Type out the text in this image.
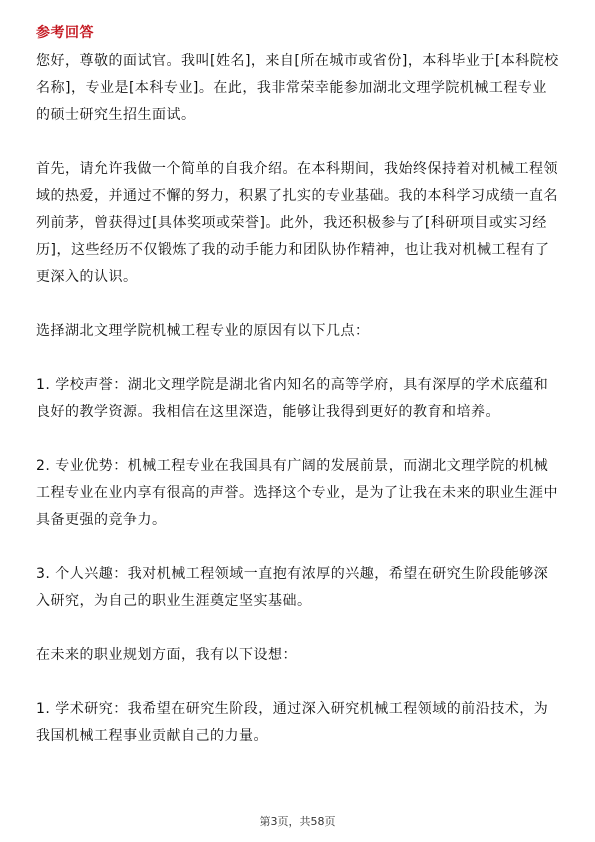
参考回答

您好，尊敬的面试官。我叫[姓名]，来自[所在城市或省份]，本科毕业于[本科院校名称]，专业是[本科专业]。在此，我非常荣幸能参加湖北文理学院机械工程专业的硕士研究生招生面试。

首先，请允许我做一个简单的自我介绍。在本科期间，我始终保持着对机械工程领域的热爱，并通过不懈的努力，积累了扎实的专业基础。我的本科学习成绩一直名列前茅，曾获得过[具体奖项或荣誉]。此外，我还积极参与了[科研项目或实习经历]，这些经历不仅锻炼了我的动手能力和团队协作精神，也让我对机械工程有了更深入的认识。

选择湖北文理学院机械工程专业的原因有以下几点：

1. 学校声誉：湖北文理学院是湖北省内知名的高等学府，具有深厚的学术底蕴和良好的教学资源。我相信在这里深造，能够让我得到更好的教育和培养。

2. 专业优势：机械工程专业在我国具有广阔的发展前景，而湖北文理学院的机械工程专业在业内享有很高的声誉。选择这个专业，是为了让我在未来的职业生涯中具备更强的竞争力。

3. 个人兴趣：我对机械工程领域一直抱有浓厚的兴趣，希望在研究生阶段能够深入研究，为自己的职业生涯奠定坚实基础。

在未来的职业规划方面，我有以下设想：

1. 学术研究：我希望在研究生阶段，通过深入研究机械工程领域的前沿技术，为我国机械工程事业贡献自己的力量。

第3页，共58页
